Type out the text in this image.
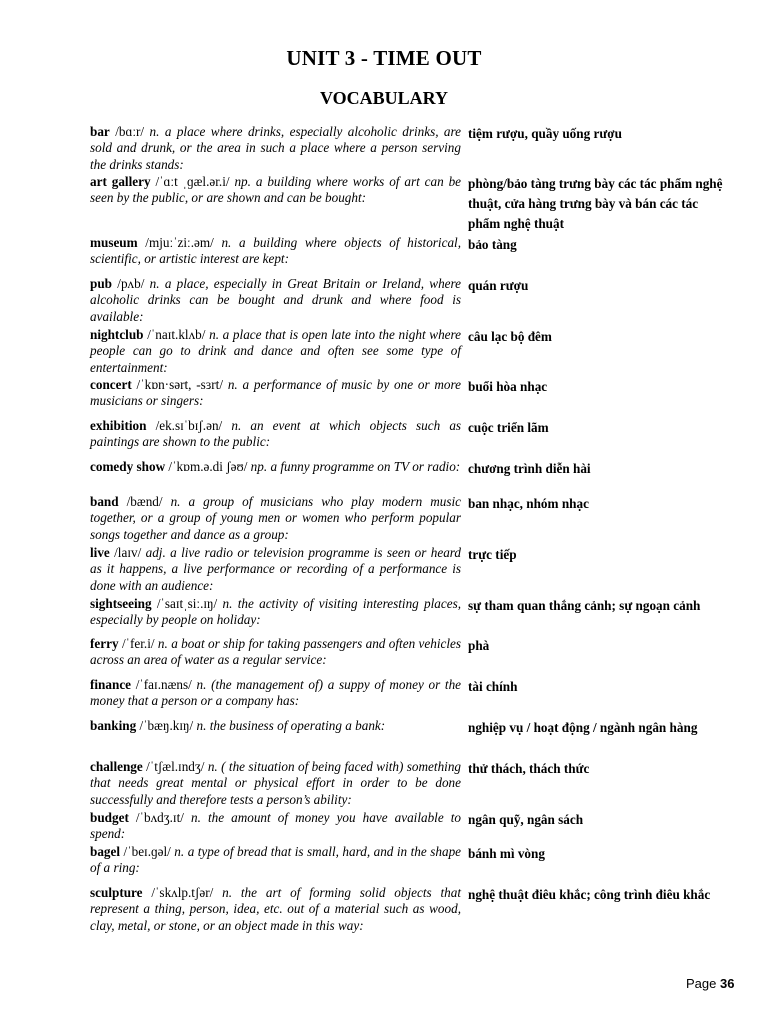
UNIT 3 - TIME OUT
VOCABULARY
bar /bɑːr/ n. a place where drinks, especially alcoholic drinks, are sold and drunk, or the area in such a place where a person serving the drinks stands:
tiệm rượu, quầy uống rượu
art gallery /ˈɑːt ˌɡæl.ər.i/ np. a building where works of art can be seen by the public, or are shown and can be bought:
phòng/bảo tàng trưng bày các tác phẩm nghệ thuật, cửa hàng trưng bày và bán các tác phẩm nghệ thuật
museum /mjuːˈziː.əm/ n. a building where objects of historical, scientific, or artistic interest are kept:
bảo tàng
pub /pʌb/ n. a place, especially in Great Britain or Ireland, where alcoholic drinks can be bought and drunk and where food is available:
quán rượu
nightclub /ˈnaɪt.klʌb/ n. a place that is open late into the night where people can go to drink and dance and often see some type of entertainment:
câu lạc bộ đêm
concert /ˈkɒn·sərt, -sɜrt/ n. a performance of music by one or more musicians or singers:
buổi hòa nhạc
exhibition /ek.sɪˈbɪʃ.ən/ n. an event at which objects such as paintings are shown to the public:
cuộc triển lãm
comedy show /ˈkɒm.ə.di ʃəʊ/ np. a funny programme on TV or radio: chương trình diễn hài
band /bænd/ n. a group of musicians who play modern music together, or a group of young men or women who perform popular songs together and dance as a group:
ban nhạc, nhóm nhạc
live /laɪv/ adj. a live radio or television programme is seen or heard as it happens, a live performance or recording of a performance is done with an audience:
trực tiếp
sightseeing /ˈsaɪtˌsiː.ɪŋ/ n. the activity of visiting interesting places, especially by people on holiday:
sự tham quan thắng cảnh; sự ngoạn cảnh
ferry /ˈfer.i/ n. a boat or ship for taking passengers and often vehicles across an area of water as a regular service:
phà
finance /ˈfaɪ.næns/ n. (the management of) a suppy of money or the money that a person or a company has:
tài chính
banking /ˈbæŋ.kɪŋ/ n. the business of operating a bank:	nghiệp vụ / hoạt động / ngành ngân hàng
challenge /ˈtʃæl.ɪndʒ/ n. ( the situation of being faced with) something that needs great mental or physical effort in order to be done successfully and therefore tests a person’s ability:
thử thách, thách thức
budget /ˈbʌdʒ.ɪt/ n. the amount of money you have available to spend:
ngân quỹ, ngân sách
bagel /ˈbeɪ.ɡəl/ n. a type of bread that is small, hard, and in the shape of a ring:
bánh mì vòng
sculpture /ˈskʌlp.tʃər/ n. the art of forming solid objects that represent a thing, person, idea, etc. out of a material such as wood, clay, metal, or stone, or an object made in this way:
nghệ thuật điêu khắc; công trình điêu khắc
Page 36
